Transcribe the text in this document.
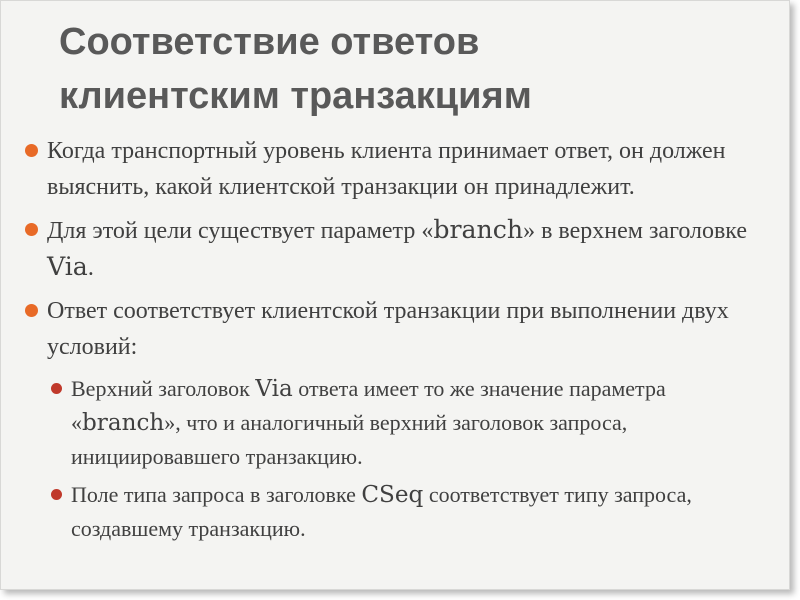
Соответствие ответов
клиентским транзакциям
Когда транспортный уровень клиента принимает ответ, он должен выяснить, какой клиентской транзакции он принадлежит.
Для этой цели существует параметр «branch» в верхнем заголовке Via.
Ответ соответствует клиентской транзакции при выполнении двух условий:
Верхний заголовок Via ответа имеет то же значение параметра «branch», что и аналогичный верхний заголовок запроса, инициировавшего транзакцию.
Поле типа запроса в заголовке CSeq соответствует типу запроса, создавшему транзакцию.
